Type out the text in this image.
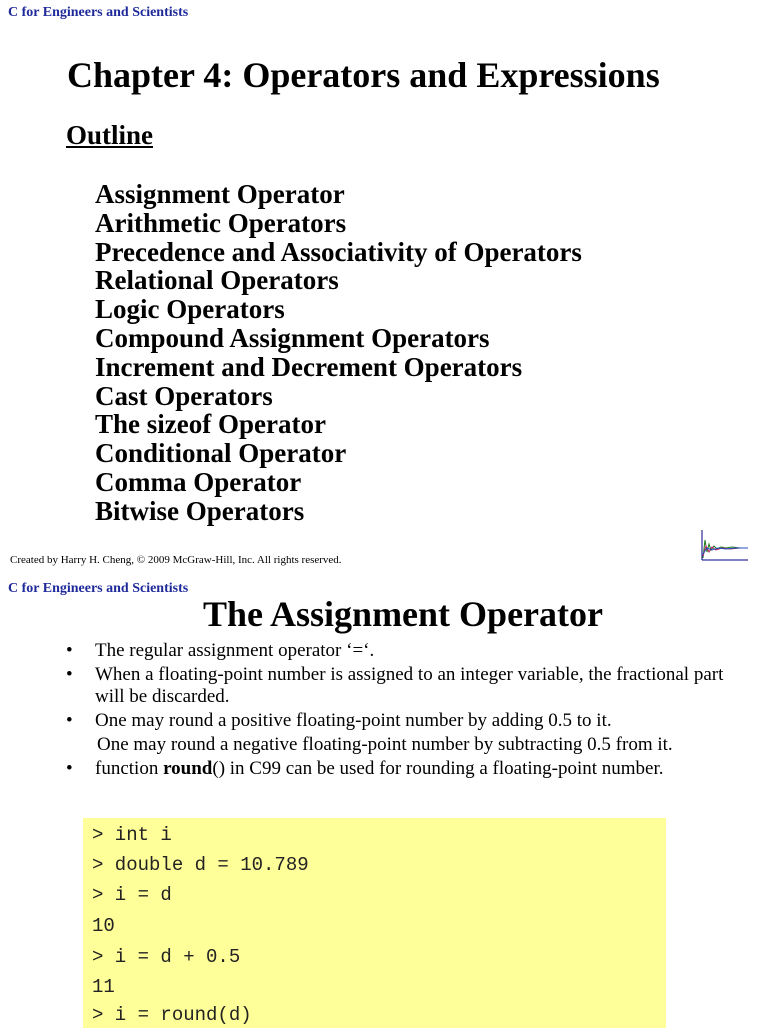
C for Engineers and Scientists
Chapter 4: Operators and Expressions
Outline
Assignment Operator
Arithmetic Operators
Precedence and Associativity of Operators
Relational Operators
Logic Operators
Compound Assignment Operators
Increment and Decrement Operators
Cast Operators
The sizeof Operator
Conditional Operator
Comma Operator
Bitwise Operators
Created by Harry H. Cheng, © 2009 McGraw-Hill, Inc. All rights reserved.
C for Engineers and Scientists
The Assignment Operator
• The regular assignment operator ‘=‘.
• When a floating-point number is assigned to an integer variable, the fractional part will be discarded.
• One may round a positive floating-point number by adding 0.5 to it.
One may round a negative floating-point number by subtracting 0.5 from it.
• function round() in C99 can be used for rounding a floating-point number.
> int i
> double d = 10.789
> i = d
10
> i = d + 0.5
11
> i = round(d)
